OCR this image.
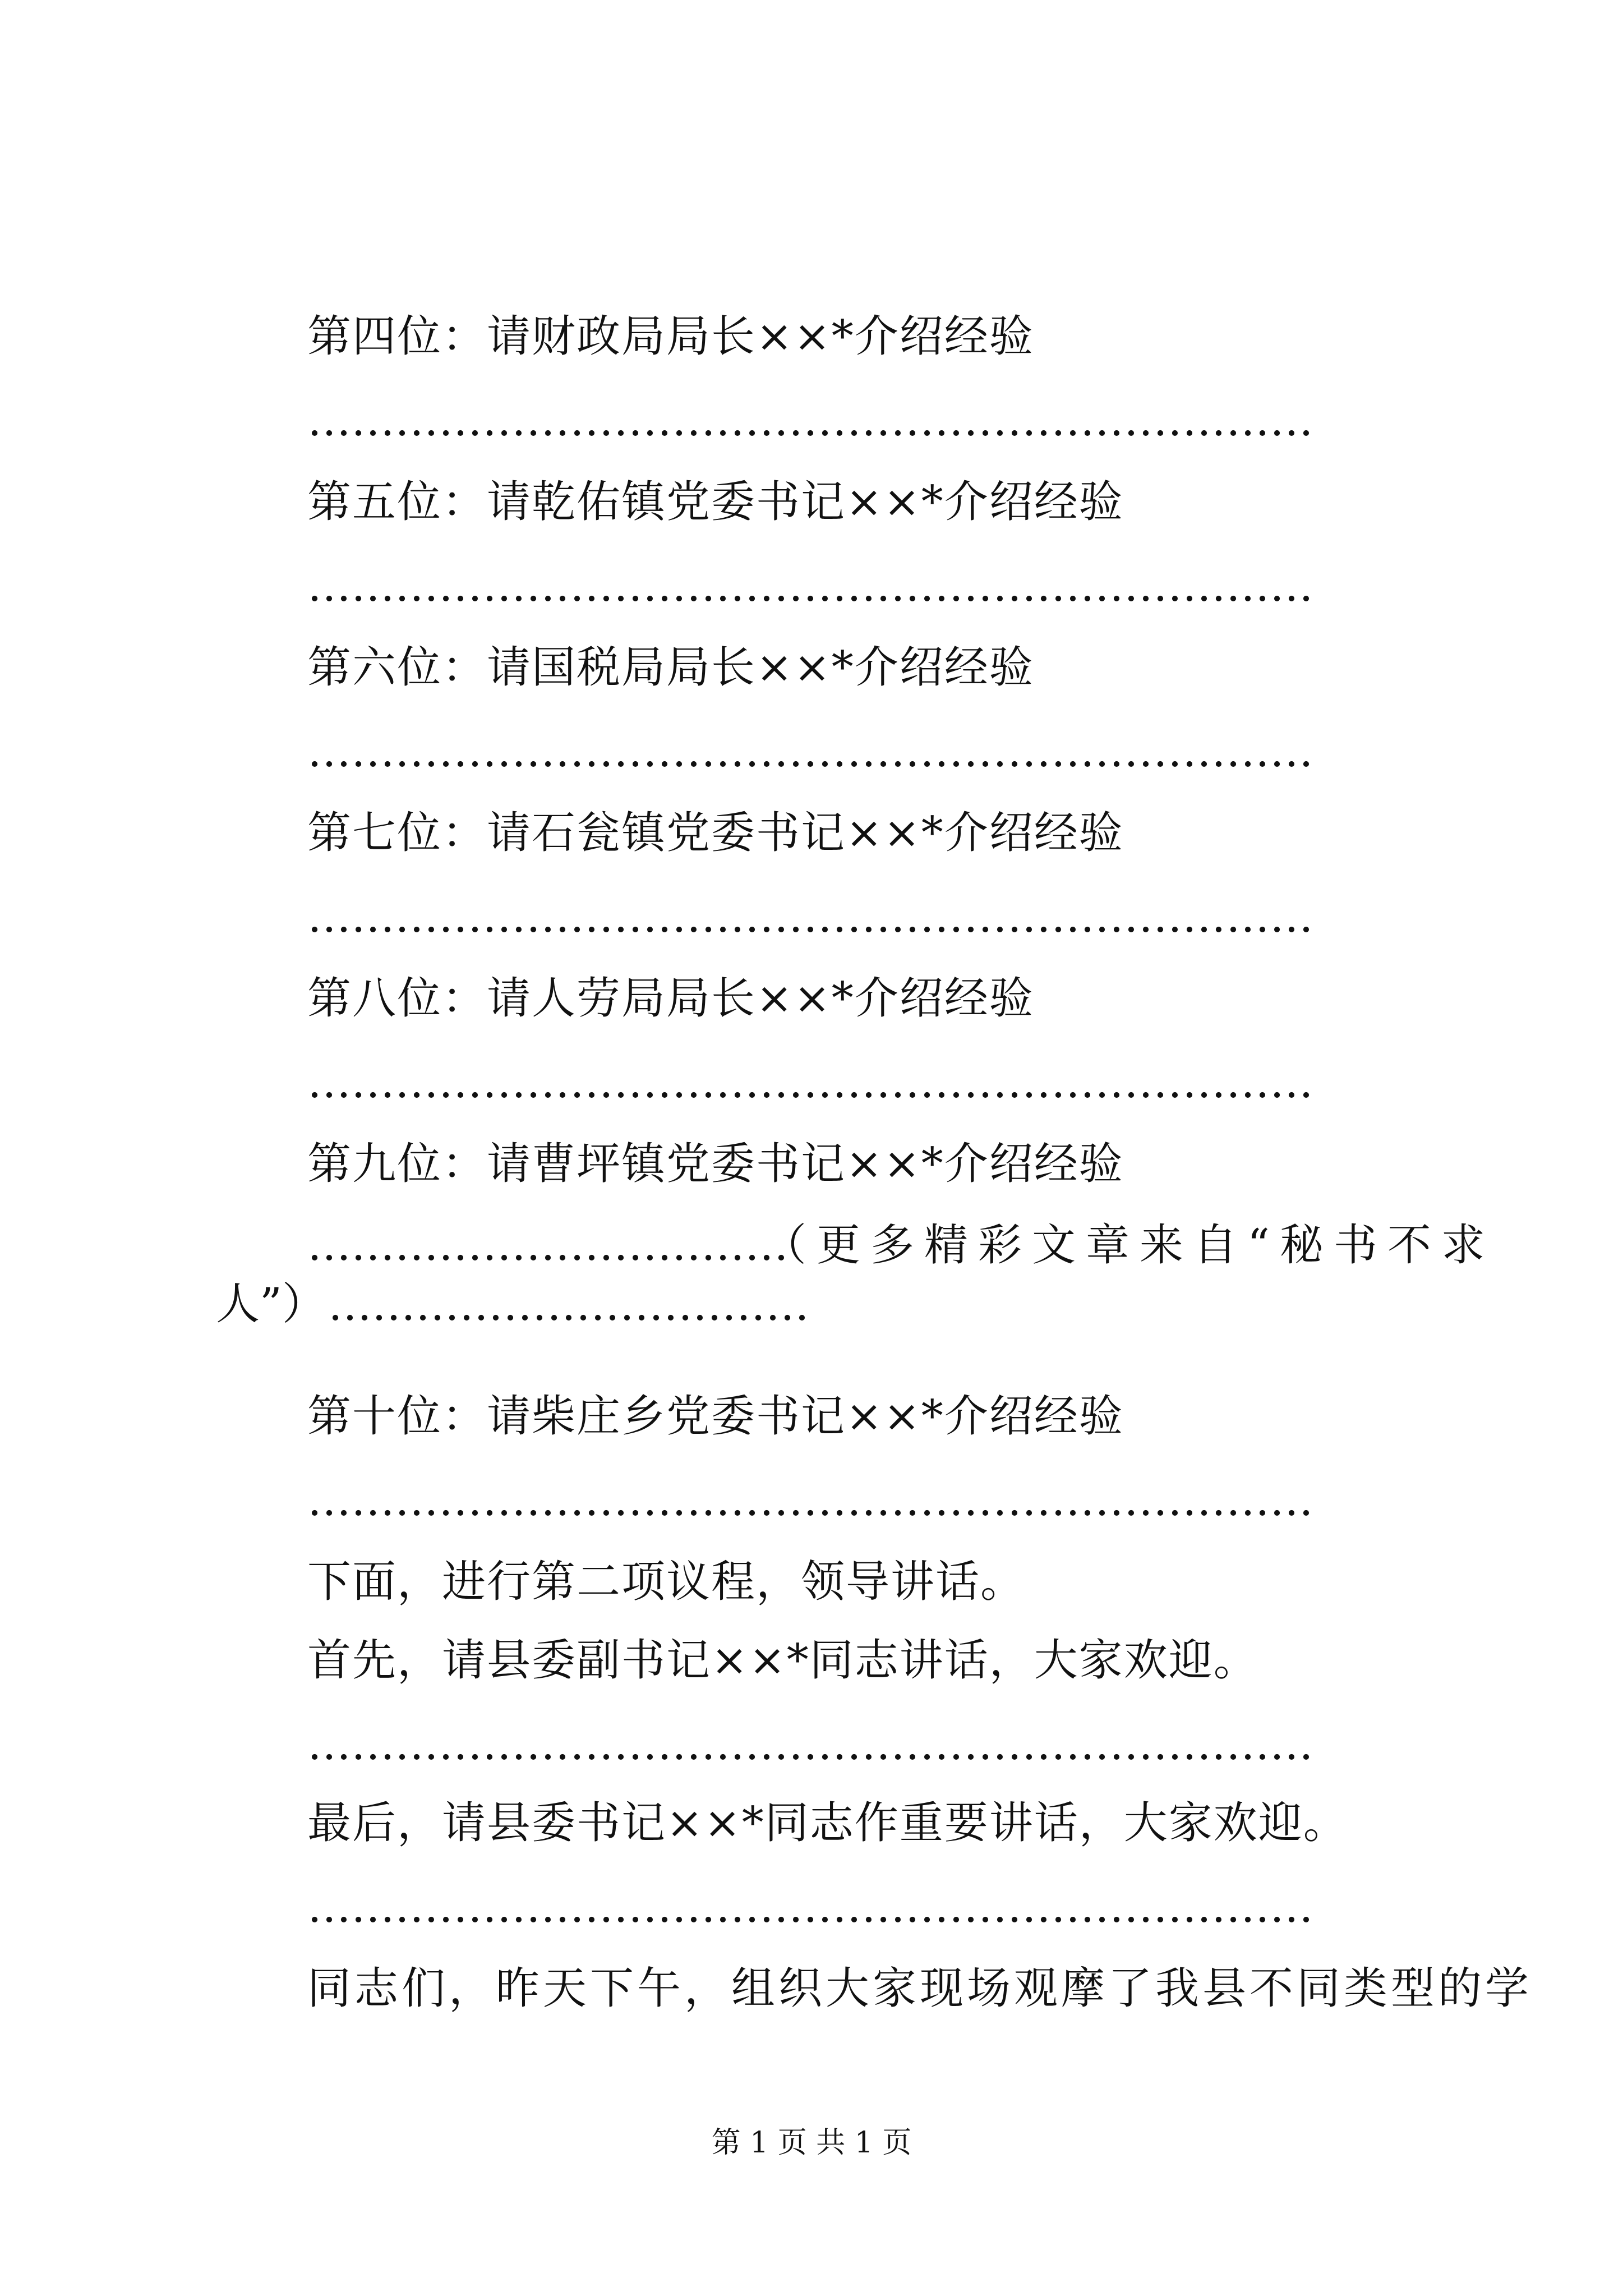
第四位：请财政局局长××*介绍经验
……………………………………………………………
第五位：请乾佑镇党委书记××*介绍经验
……………………………………………………………
第六位：请国税局局长××*介绍经验
……………………………………………………………
第七位：请石瓮镇党委书记××*介绍经验
……………………………………………………………
第八位：请人劳局局长××*介绍经验
……………………………………………………………
第九位：请曹坪镇党委书记××*介绍经验
……………………………
（更多精彩文章来自“秘书不求
人”） ……………………………
第十位：请柴庄乡党委书记××*介绍经验
……………………………………………………………
下面，进行第二项议程，领导讲话。
首先，请县委副书记××*同志讲话，大家欢迎。
……………………………………………………………
最后，请县委书记××*同志作重要讲话，大家欢迎。
……………………………………………………………
同志们，昨天下午，组织大家现场观摩了我县不同类型的学
第 1 页 共 1 页
